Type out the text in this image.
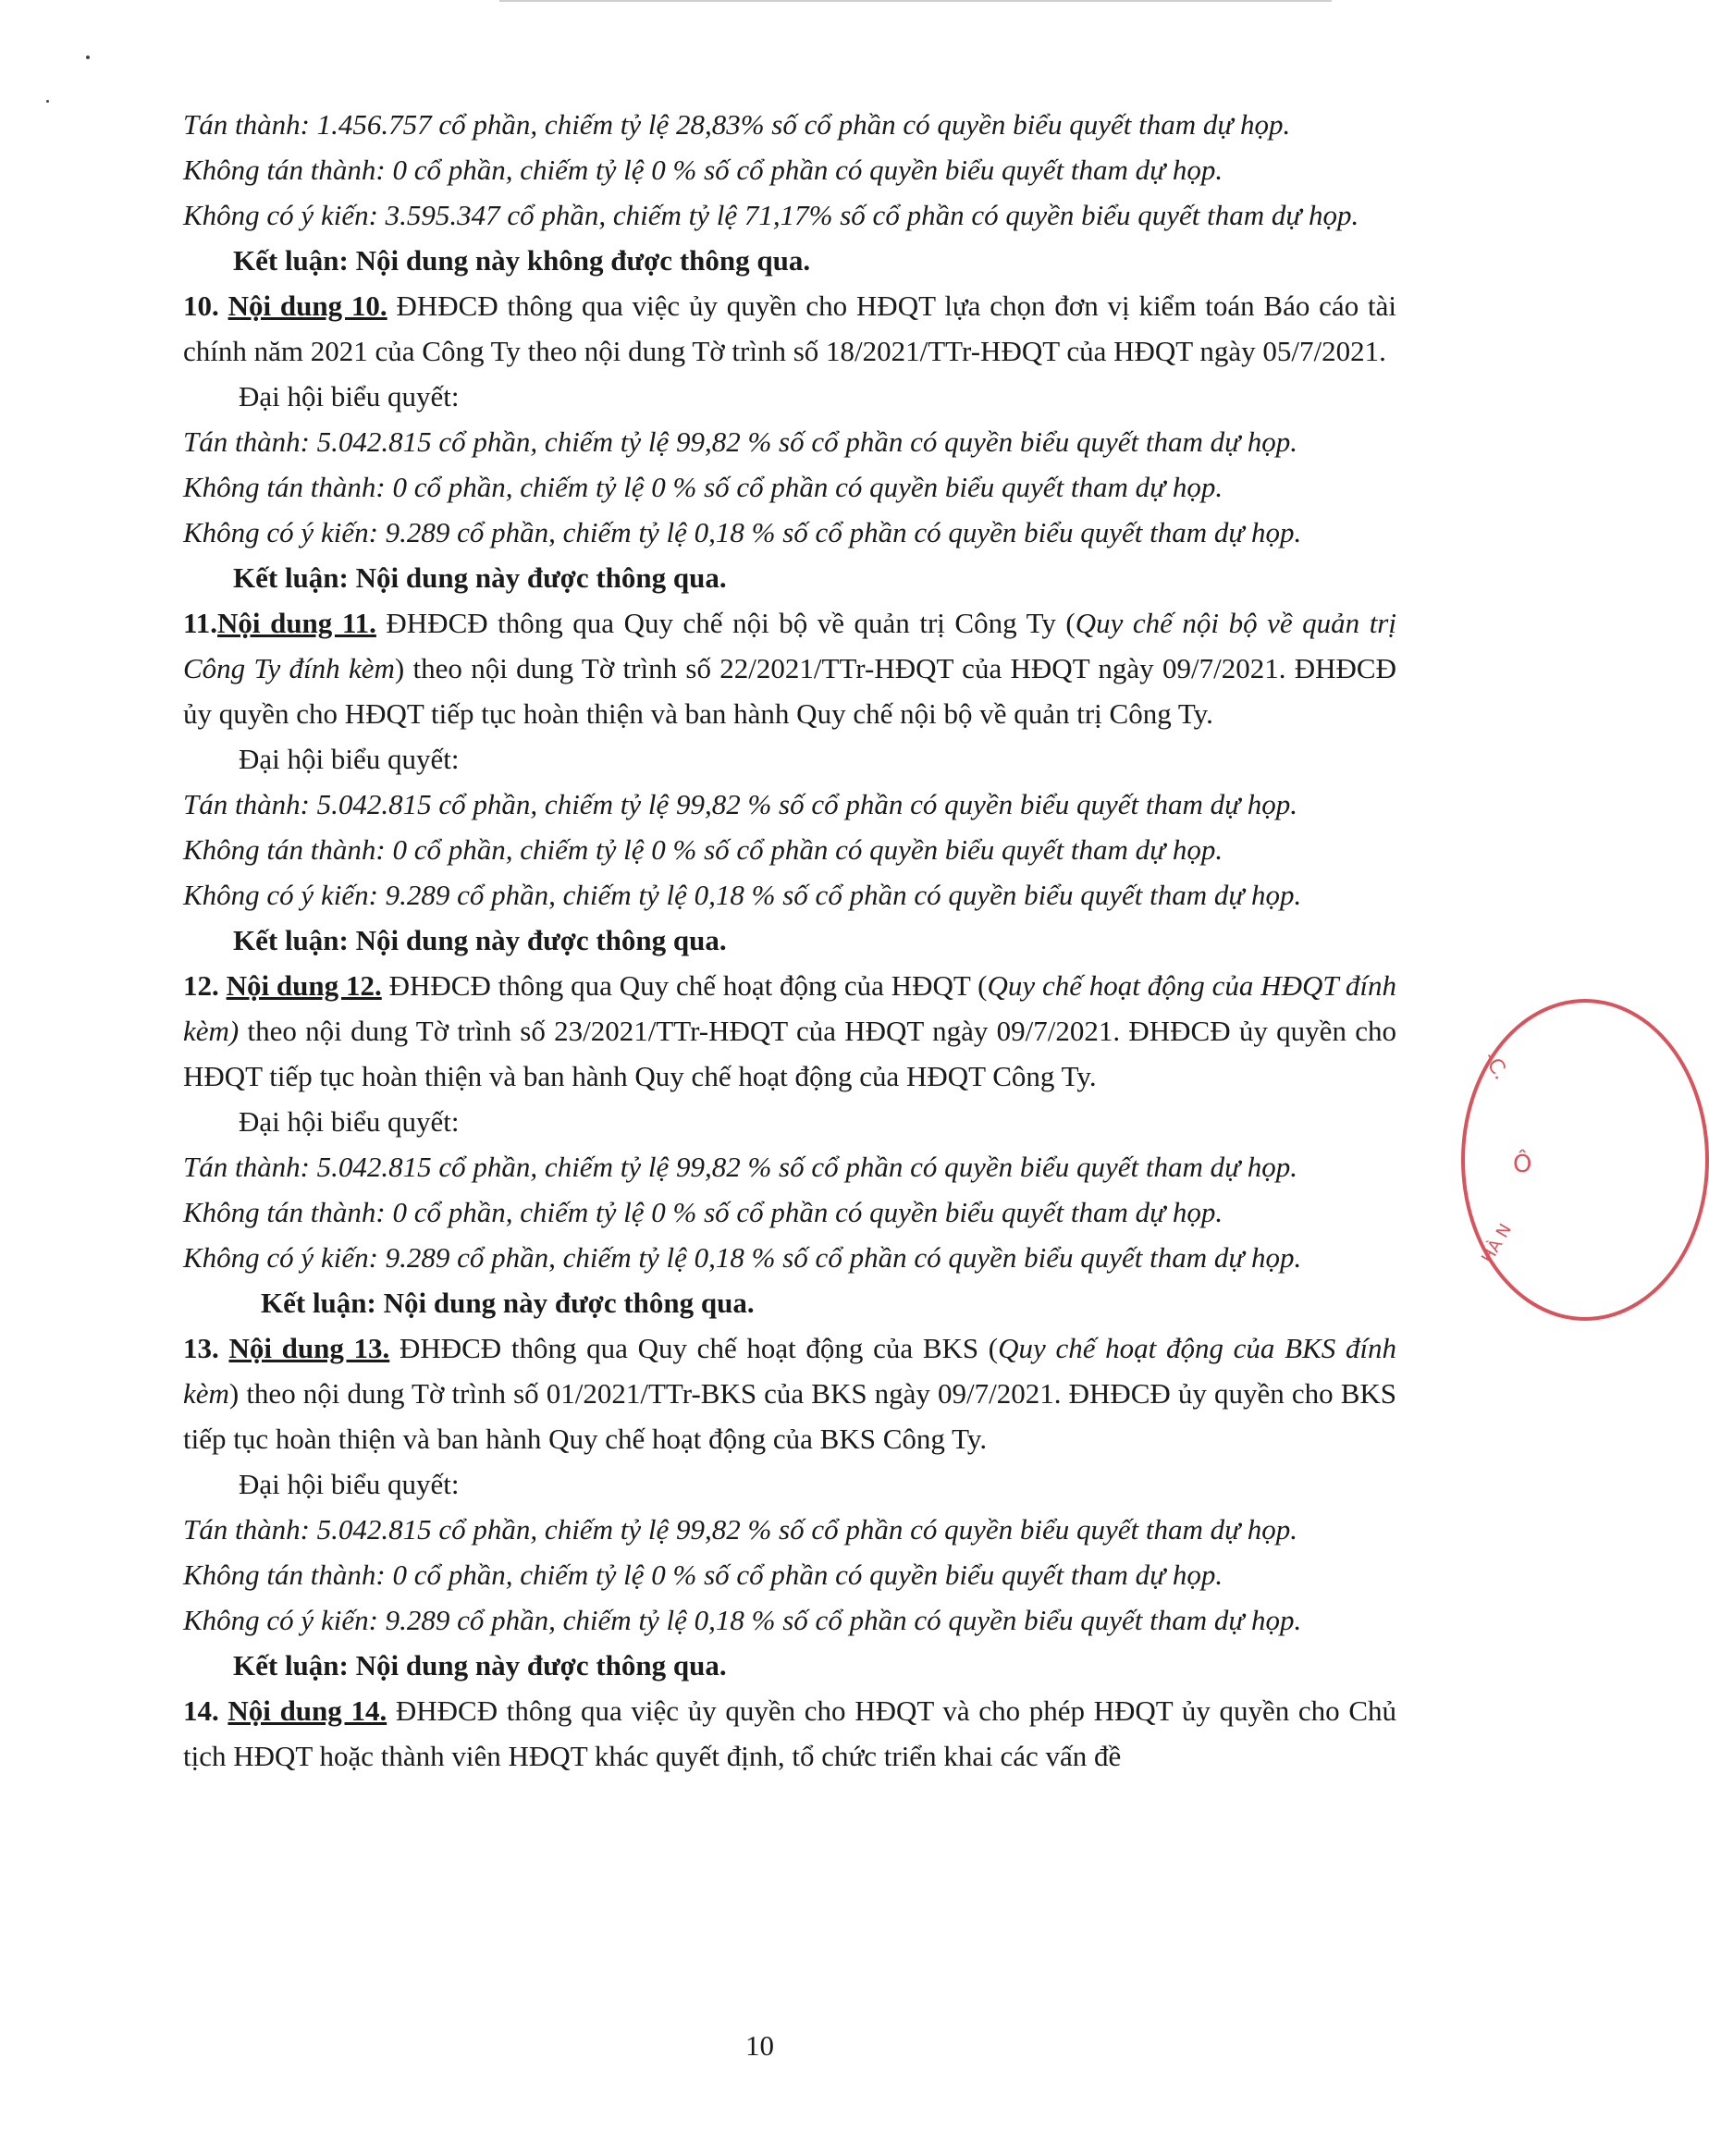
Tán thành: 1.456.757 cổ phần, chiếm tỷ lệ 28,83% số cổ phần có quyền biểu quyết tham dự họp.

Không tán thành: 0 cổ phần, chiếm tỷ lệ 0 % số cổ phần có quyền biểu quyết tham dự họp.

Không có ý kiến: 3.595.347 cổ phần, chiếm tỷ lệ 71,17% số cổ phần có quyền biểu quyết tham dự họp.

Kết luận: Nội dung này không được thông qua.

10. Nội dung 10. ĐHĐCĐ thông qua việc ủy quyền cho HĐQT lựa chọn đơn vị kiểm toán Báo cáo tài chính năm 2021 của Công Ty theo nội dung Tờ trình số 18/2021/TTr-HĐQT của HĐQT ngày 05/7/2021.

Đại hội biểu quyết:

Tán thành: 5.042.815 cổ phần, chiếm tỷ lệ 99,82 % số cổ phần có quyền biểu quyết tham dự họp.

Không tán thành: 0 cổ phần, chiếm tỷ lệ 0 % số cổ phần có quyền biểu quyết tham dự họp.

Không có ý kiến: 9.289 cổ phần, chiếm tỷ lệ 0,18 % số cổ phần có quyền biểu quyết tham dự họp.

Kết luận: Nội dung này được thông qua.

11.Nội dung 11. ĐHĐCĐ thông qua Quy chế nội bộ về quản trị Công Ty (Quy chế nội bộ về quản trị Công Ty đính kèm) theo nội dung Tờ trình số 22/2021/TTr-HĐQT của HĐQT ngày 09/7/2021. ĐHĐCĐ ủy quyền cho HĐQT tiếp tục hoàn thiện và ban hành Quy chế nội bộ về quản trị Công Ty.

Đại hội biểu quyết:

Tán thành: 5.042.815 cổ phần, chiếm tỷ lệ 99,82 % số cổ phần có quyền biểu quyết tham dự họp.

Không tán thành: 0 cổ phần, chiếm tỷ lệ 0 % số cổ phần có quyền biểu quyết tham dự họp.

Không có ý kiến: 9.289 cổ phần, chiếm tỷ lệ 0,18 % số cổ phần có quyền biểu quyết tham dự họp.

Kết luận: Nội dung này được thông qua.

12. Nội dung 12. ĐHĐCĐ thông qua Quy chế hoạt động của HĐQT (Quy chế hoạt động của HĐQT đính kèm) theo nội dung Tờ trình số 23/2021/TTr-HĐQT của HĐQT ngày 09/7/2021. ĐHĐCĐ ủy quyền cho HĐQT tiếp tục hoàn thiện và ban hành Quy chế hoạt động của HĐQT Công Ty.

Đại hội biểu quyết:

Tán thành: 5.042.815 cổ phần, chiếm tỷ lệ 99,82 % số cổ phần có quyền biểu quyết tham dự họp.

Không tán thành: 0 cổ phần, chiếm tỷ lệ 0 % số cổ phần có quyền biểu quyết tham dự họp.

Không có ý kiến: 9.289 cổ phần, chiếm tỷ lệ 0,18 % số cổ phần có quyền biểu quyết tham dự họp.

Kết luận: Nội dung này được thông qua.

13. Nội dung 13. ĐHĐCĐ thông qua Quy chế hoạt động của BKS (Quy chế hoạt động của BKS đính kèm) theo nội dung Tờ trình số 01/2021/TTr-BKS của BKS ngày 09/7/2021. ĐHĐCĐ ủy quyền cho BKS tiếp tục hoàn thiện và ban hành Quy chế hoạt động của BKS Công Ty.

Đại hội biểu quyết:

Tán thành: 5.042.815 cổ phần, chiếm tỷ lệ 99,82 % số cổ phần có quyền biểu quyết tham dự họp.

Không tán thành: 0 cổ phần, chiếm tỷ lệ 0 % số cổ phần có quyền biểu quyết tham dự họp.

Không có ý kiến: 9.289 cổ phần, chiếm tỷ lệ 0,18 % số cổ phần có quyền biểu quyết tham dự họp.

Kết luận: Nội dung này được thông qua.

14. Nội dung 14. ĐHĐCĐ thông qua việc ủy quyền cho HĐQT và cho phép HĐQT ủy quyền cho Chủ tịch HĐQT hoặc thành viên HĐQT khác quyết định, tổ chức triển khai các vấn đề

10
-C.
Ô
HÀ N
